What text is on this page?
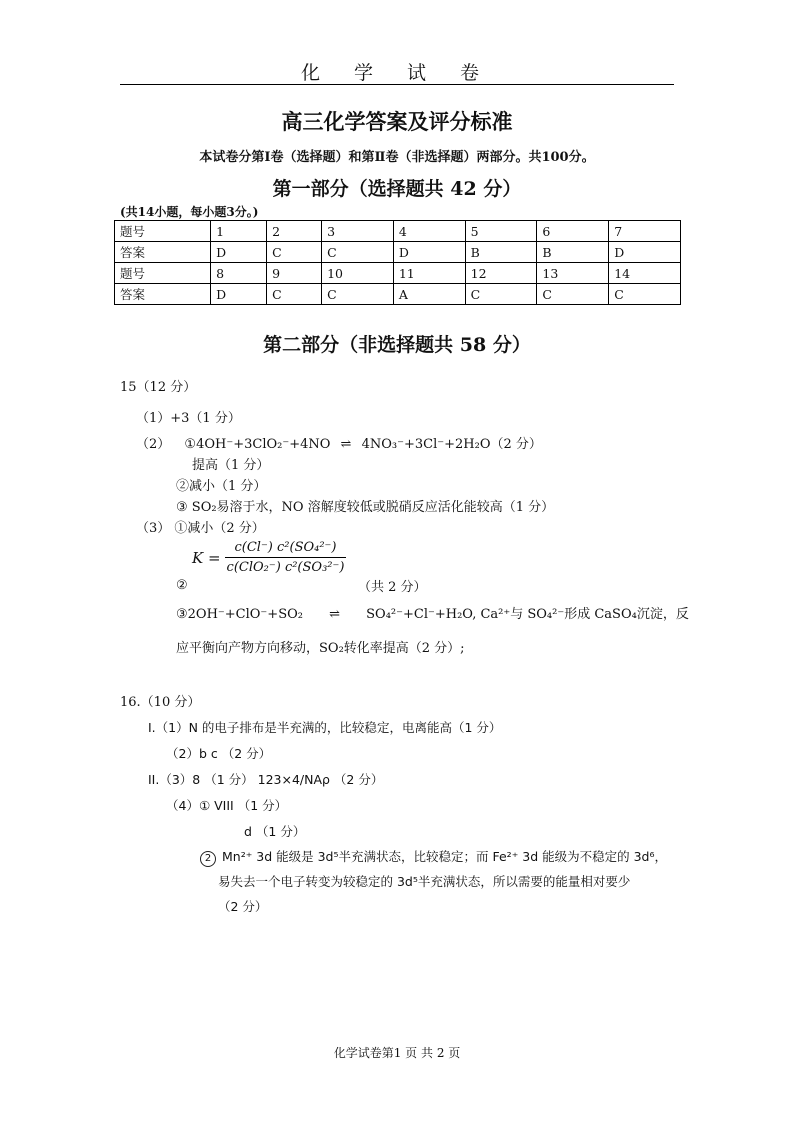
化 学 试 卷
高三化学答案及评分标准
本试卷分第Ⅰ卷（选择题）和第Ⅱ卷（非选择题）两部分。共100分。
第一部分（选择题共 42 分）
(共14小题，每小题3分。)
题号	1	2	3	4	5	6	7
答案	D	C	C	D	B	B	D
题号	8	9	10	11	12	13	14
答案	D	C	C	A	C	C	C
第二部分（非选择题共 58 分）
15（12 分）
（1）+3（1 分）
（2） ①4OH⁻+3ClO₂⁻+4NO ⇌ 4NO₃⁻+3Cl⁻+2H₂O（2 分）
提高（1 分）
②减小（1 分）
③ SO₂易溶于水，NO 溶解度较低或脱硝反应活化能较高（1 分）
（3） ①减小（2 分）
$K = \frac{\text{c(Cl⁻) c²(SO₄²⁻)}}{\text{c(ClO₂⁻) c²(SO₃²⁻)}}$
②	（共 2 分）
③2OH⁻+ClO⁻+SO₂ ⇌ SO₄²⁻+Cl⁻+H₂O, Ca²⁺与 SO₄²⁻形成 CaSO₄沉淀，反
应平衡向产物方向移动，SO₂转化率提高（2 分）;
16.（10 分）
I.（1）N 的电子排布是半充满的，比较稳定，电离能高（1 分）
（2）b c （2 分）
II.（3）8 （1 分） 123×4/NAρ （2 分）
（4）① VIII （1 分）
d （1 分）
2 Mn²⁺ 3d 能级是 3d⁵半充满状态，比较稳定；而 Fe²⁺ 3d 能级为不稳定的 3d⁶，
易失去一个电子转变为较稳定的 3d⁵半充满状态，所以需要的能量相对要少
（2 分）
化学试卷第1 页 共 2 页
